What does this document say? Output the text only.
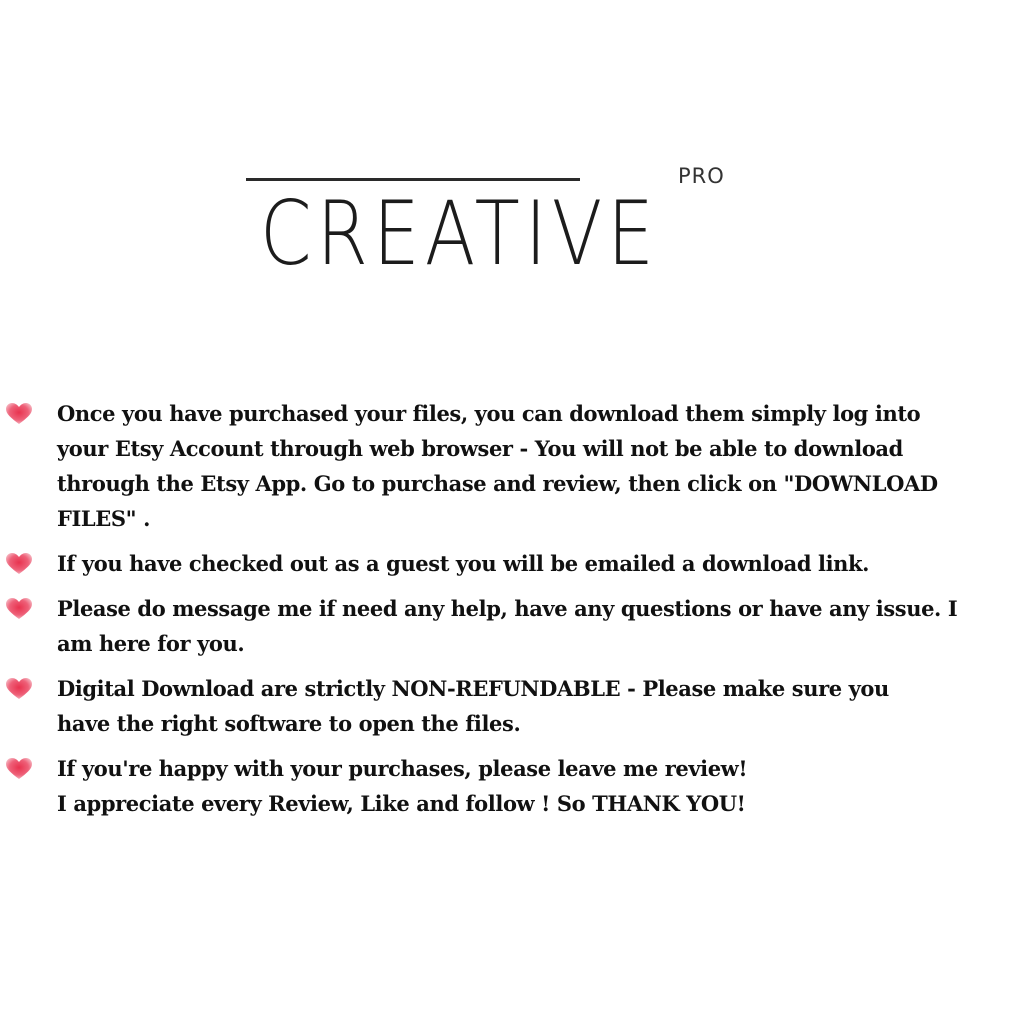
PRO
CREATIVE
Once you have purchased your files, you can download them simply log into
your Etsy Account through web browser - You will not be able to download
through the Etsy App. Go to purchase and review, then click on "DOWNLOAD
FILES" .
If you have checked out as a guest you will be emailed a download link.
Please do message me if need any help, have any questions or have any issue. I
am here for you.
Digital Download are strictly NON-REFUNDABLE - Please make sure you
have the right software to open the files.
If you're happy with your purchases, please leave me review!
I appreciate every Review, Like and follow ! So THANK YOU!
